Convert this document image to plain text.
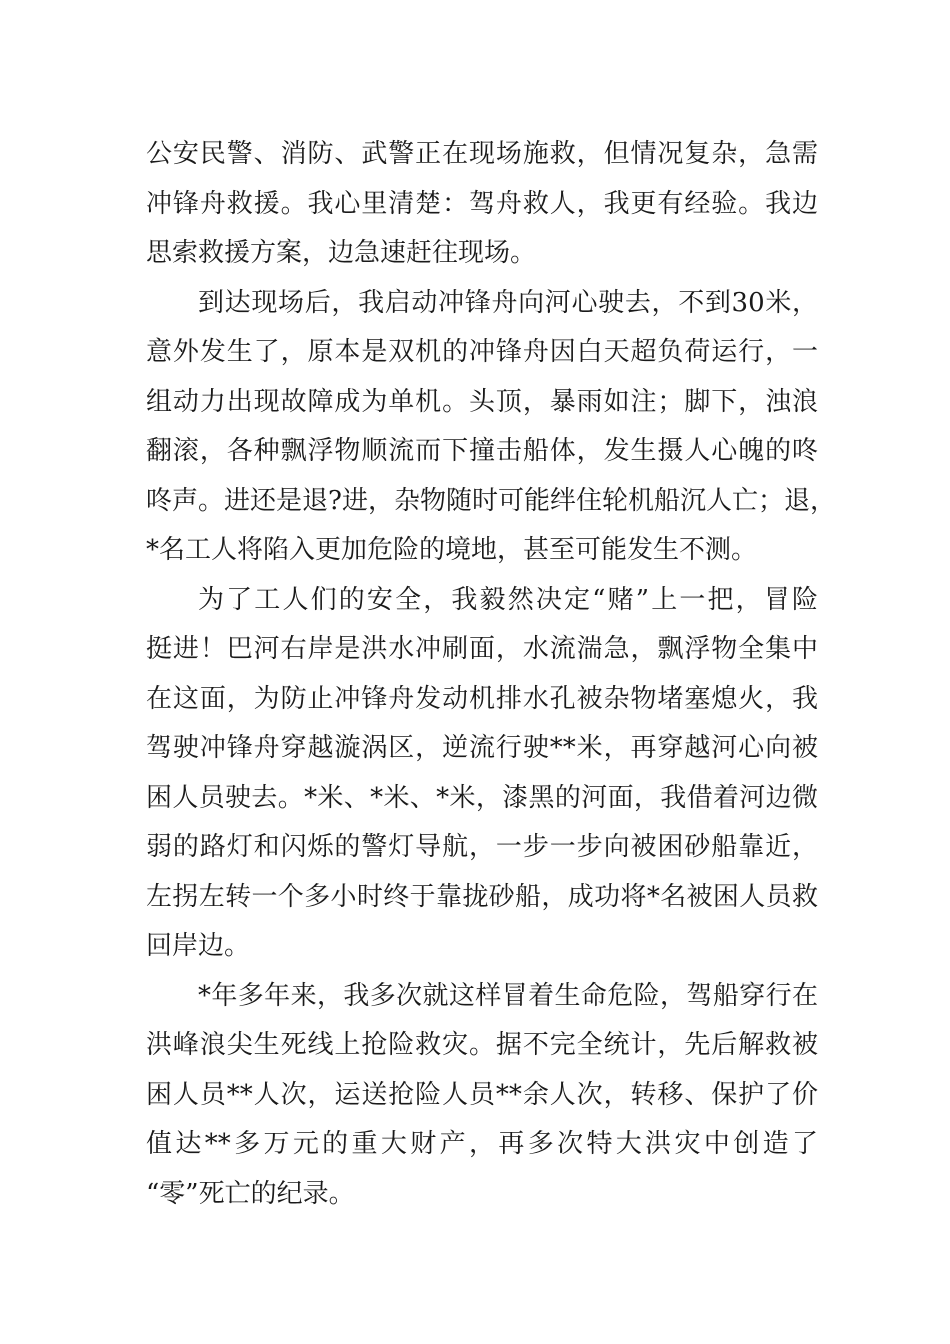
公安民警、消防、武警正在现场施救，但情况复杂，急需
冲锋舟救援。我心里清楚：驾舟救人，我更有经验。我边
思索救援方案，边急速赶往现场。
到达现场后，我启动冲锋舟向河心驶去，不到30米，
意外发生了，原本是双机的冲锋舟因白天超负荷运行，一
组动力出现故障成为单机。头顶，暴雨如注；脚下，浊浪
翻滚，各种飘浮物顺流而下撞击船体，发生摄人心魄的咚
咚声。进还是退?进，杂物随时可能绊住轮机船沉人亡；退，
*名工人将陷入更加危险的境地，甚至可能发生不测。
为了工人们的安全，我毅然决定“赌”上一把，冒险
挺进！巴河右岸是洪水冲刷面，水流湍急，飘浮物全集中
在这面，为防止冲锋舟发动机排水孔被杂物堵塞熄火，我
驾驶冲锋舟穿越漩涡区，逆流行驶**米，再穿越河心向被
困人员驶去。*米、*米、*米，漆黑的河面，我借着河边微
弱的路灯和闪烁的警灯导航，一步一步向被困砂船靠近，
左拐左转一个多小时终于靠拢砂船，成功将*名被困人员救
回岸边。
*年多年来，我多次就这样冒着生命危险，驾船穿行在
洪峰浪尖生死线上抢险救灾。据不完全统计，先后解救被
困人员**人次，运送抢险人员**余人次，转移、保护了价
值达**多万元的重大财产，再多次特大洪灾中创造了
“零”死亡的纪录。
